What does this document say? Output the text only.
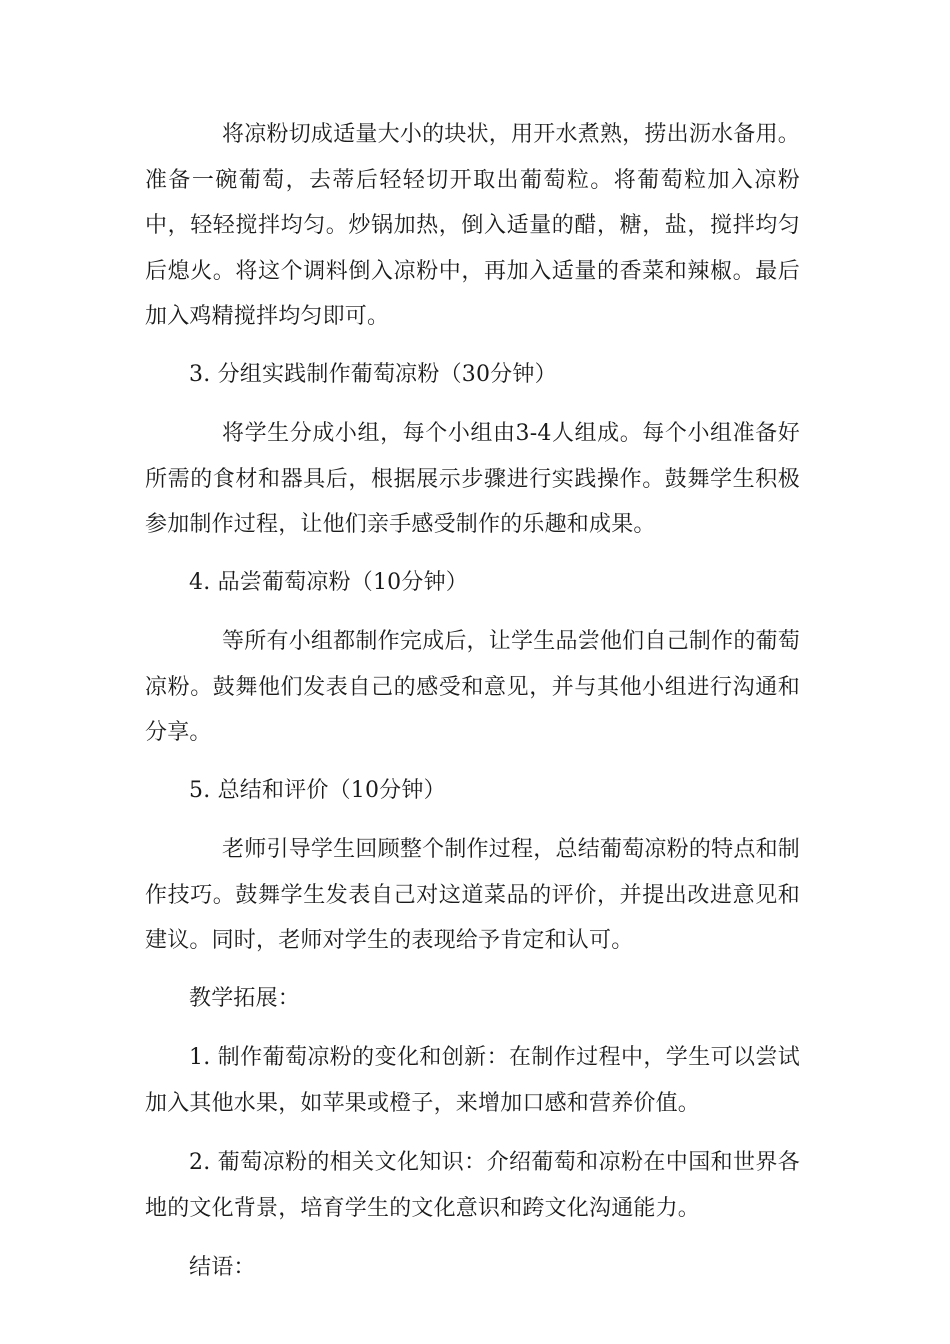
将凉粉切成适量大小的块状，用开水煮熟，捞出沥水备用。准备一碗葡萄，去蒂后轻轻切开取出葡萄粒。将葡萄粒加入凉粉中，轻轻搅拌均匀。炒锅加热，倒入适量的醋，糖，盐，搅拌均匀后熄火。将这个调料倒入凉粉中，再加入适量的香菜和辣椒。最后加入鸡精搅拌均匀即可。

3. 分组实践制作葡萄凉粉（30分钟）

将学生分成小组，每个小组由3-4人组成。每个小组准备好所需的食材和器具后，根据展示步骤进行实践操作。鼓舞学生积极参加制作过程，让他们亲手感受制作的乐趣和成果。

4. 品尝葡萄凉粉（10分钟）

等所有小组都制作完成后，让学生品尝他们自己制作的葡萄凉粉。鼓舞他们发表自己的感受和意见，并与其他小组进行沟通和分享。

5. 总结和评价（10分钟）

老师引导学生回顾整个制作过程，总结葡萄凉粉的特点和制作技巧。鼓舞学生发表自己对这道菜品的评价，并提出改进意见和建议。同时，老师对学生的表现给予肯定和认可。

教学拓展：

1. 制作葡萄凉粉的变化和创新：在制作过程中，学生可以尝试加入其他水果，如苹果或橙子，来增加口感和营养价值。

2. 葡萄凉粉的相关文化知识：介绍葡萄和凉粉在中国和世界各地的文化背景，培育学生的文化意识和跨文化沟通能力。

结语：
